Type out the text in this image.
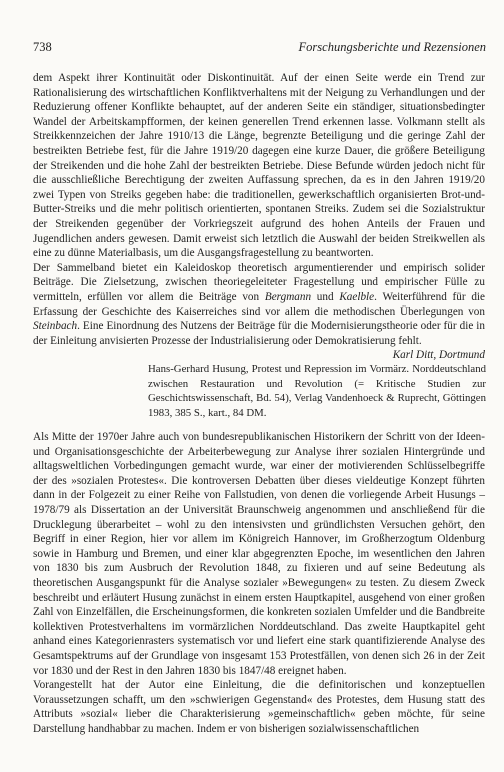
738	Forschungsberichte und Rezensionen

dem Aspekt ihrer Kontinuität oder Diskontinuität. Auf der einen Seite werde ein Trend zur Rationalisierung des wirtschaftlichen Konfliktverhaltens mit der Neigung zu Verhandlungen und der Reduzierung offener Konflikte behauptet, auf der anderen Seite ein ständiger, situationsbedingter Wandel der Arbeitskampfformen, der keinen generellen Trend erkennen lasse. Volkmann stellt als Streikkennzeichen der Jahre 1910/13 die Länge, begrenzte Beteiligung und die geringe Zahl der bestreikten Betriebe fest, für die Jahre 1919/20 dagegen eine kurze Dauer, die größere Beteiligung der Streikenden und die hohe Zahl der bestreikten Betriebe. Diese Befunde würden jedoch nicht für die ausschließliche Berechtigung der zweiten Auffassung sprechen, da es in den Jahren 1919/20 zwei Typen von Streiks gegeben habe: die traditionellen, gewerkschaftlich organisierten Brot-und-Butter-Streiks und die mehr politisch orientierten, spontanen Streiks. Zudem sei die Sozialstruktur der Streikenden gegenüber der Vorkriegszeit aufgrund des hohen Anteils der Frauen und Jugendlichen anders gewesen. Damit erweist sich letztlich die Auswahl der beiden Streikwellen als eine zu dünne Materialbasis, um die Ausgangsfragestellung zu beantworten.

Der Sammelband bietet ein Kaleidoskop theoretisch argumentierender und empirisch solider Beiträge. Die Zielsetzung, zwischen theoriegeleiteter Fragestellung und empirischer Fülle zu vermitteln, erfüllen vor allem die Beiträge von Bergmann und Kaelble. Weiterführend für die Erfassung der Geschichte des Kaiserreiches sind vor allem die methodischen Überlegungen von Steinbach. Eine Einordnung des Nutzens der Beiträge für die Modernisierungstheorie oder für die in der Einleitung anvisierten Prozesse der Industrialisierung oder Demokratisierung fehlt.

Karl Ditt, Dortmund

Hans-Gerhard Husung, Protest und Repression im Vormärz. Norddeutschland zwischen Restauration und Revolution (= Kritische Studien zur Geschichtswissenschaft, Bd. 54), Verlag Vandenhoeck & Ruprecht, Göttingen 1983, 385 S., kart., 84 DM.

Als Mitte der 1970er Jahre auch von bundesrepublikanischen Historikern der Schritt von der Ideen- und Organisationsgeschichte der Arbeiterbewegung zur Analyse ihrer sozialen Hintergründe und alltagsweltlichen Vorbedingungen gemacht wurde, war einer der motivierenden Schlüsselbegriffe der des »sozialen Protestes«. Die kontroversen Debatten über dieses vieldeutige Konzept führten dann in der Folgezeit zu einer Reihe von Fallstudien, von denen die vorliegende Arbeit Husungs – 1978/79 als Dissertation an der Universität Braunschweig angenommen und anschließend für die Drucklegung überarbeitet – wohl zu den intensivsten und gründlichsten Versuchen gehört, den Begriff in einer Region, hier vor allem im Königreich Hannover, im Großherzogtum Oldenburg sowie in Hamburg und Bremen, und einer klar abgegrenzten Epoche, im wesentlichen den Jahren von 1830 bis zum Ausbruch der Revolution 1848, zu fixieren und auf seine Bedeutung als theoretischen Ausgangspunkt für die Analyse sozialer »Bewegungen« zu testen. Zu diesem Zweck beschreibt und erläutert Husung zunächst in einem ersten Hauptkapitel, ausgehend von einer großen Zahl von Einzelfällen, die Erscheinungsformen, die konkreten sozialen Umfelder und die Bandbreite kollektiven Protestverhaltens im vormärzlichen Norddeutschland. Das zweite Hauptkapitel geht anhand eines Kategorienrasters systematisch vor und liefert eine stark quantifizierende Analyse des Gesamtspektrums auf der Grundlage von insgesamt 153 Protestfällen, von denen sich 26 in der Zeit vor 1830 und der Rest in den Jahren 1830 bis 1847/48 ereignet haben.

Vorangestellt hat der Autor eine Einleitung, die die definitorischen und konzeptuellen Voraussetzungen schafft, um den »schwierigen Gegenstand« des Protestes, dem Husung statt des Attributs »sozial« lieber die Charakterisierung »gemeinschaftlich« geben möchte, für seine Darstellung handhabbar zu machen. Indem er von bisherigen sozialwissenschaftlichen
